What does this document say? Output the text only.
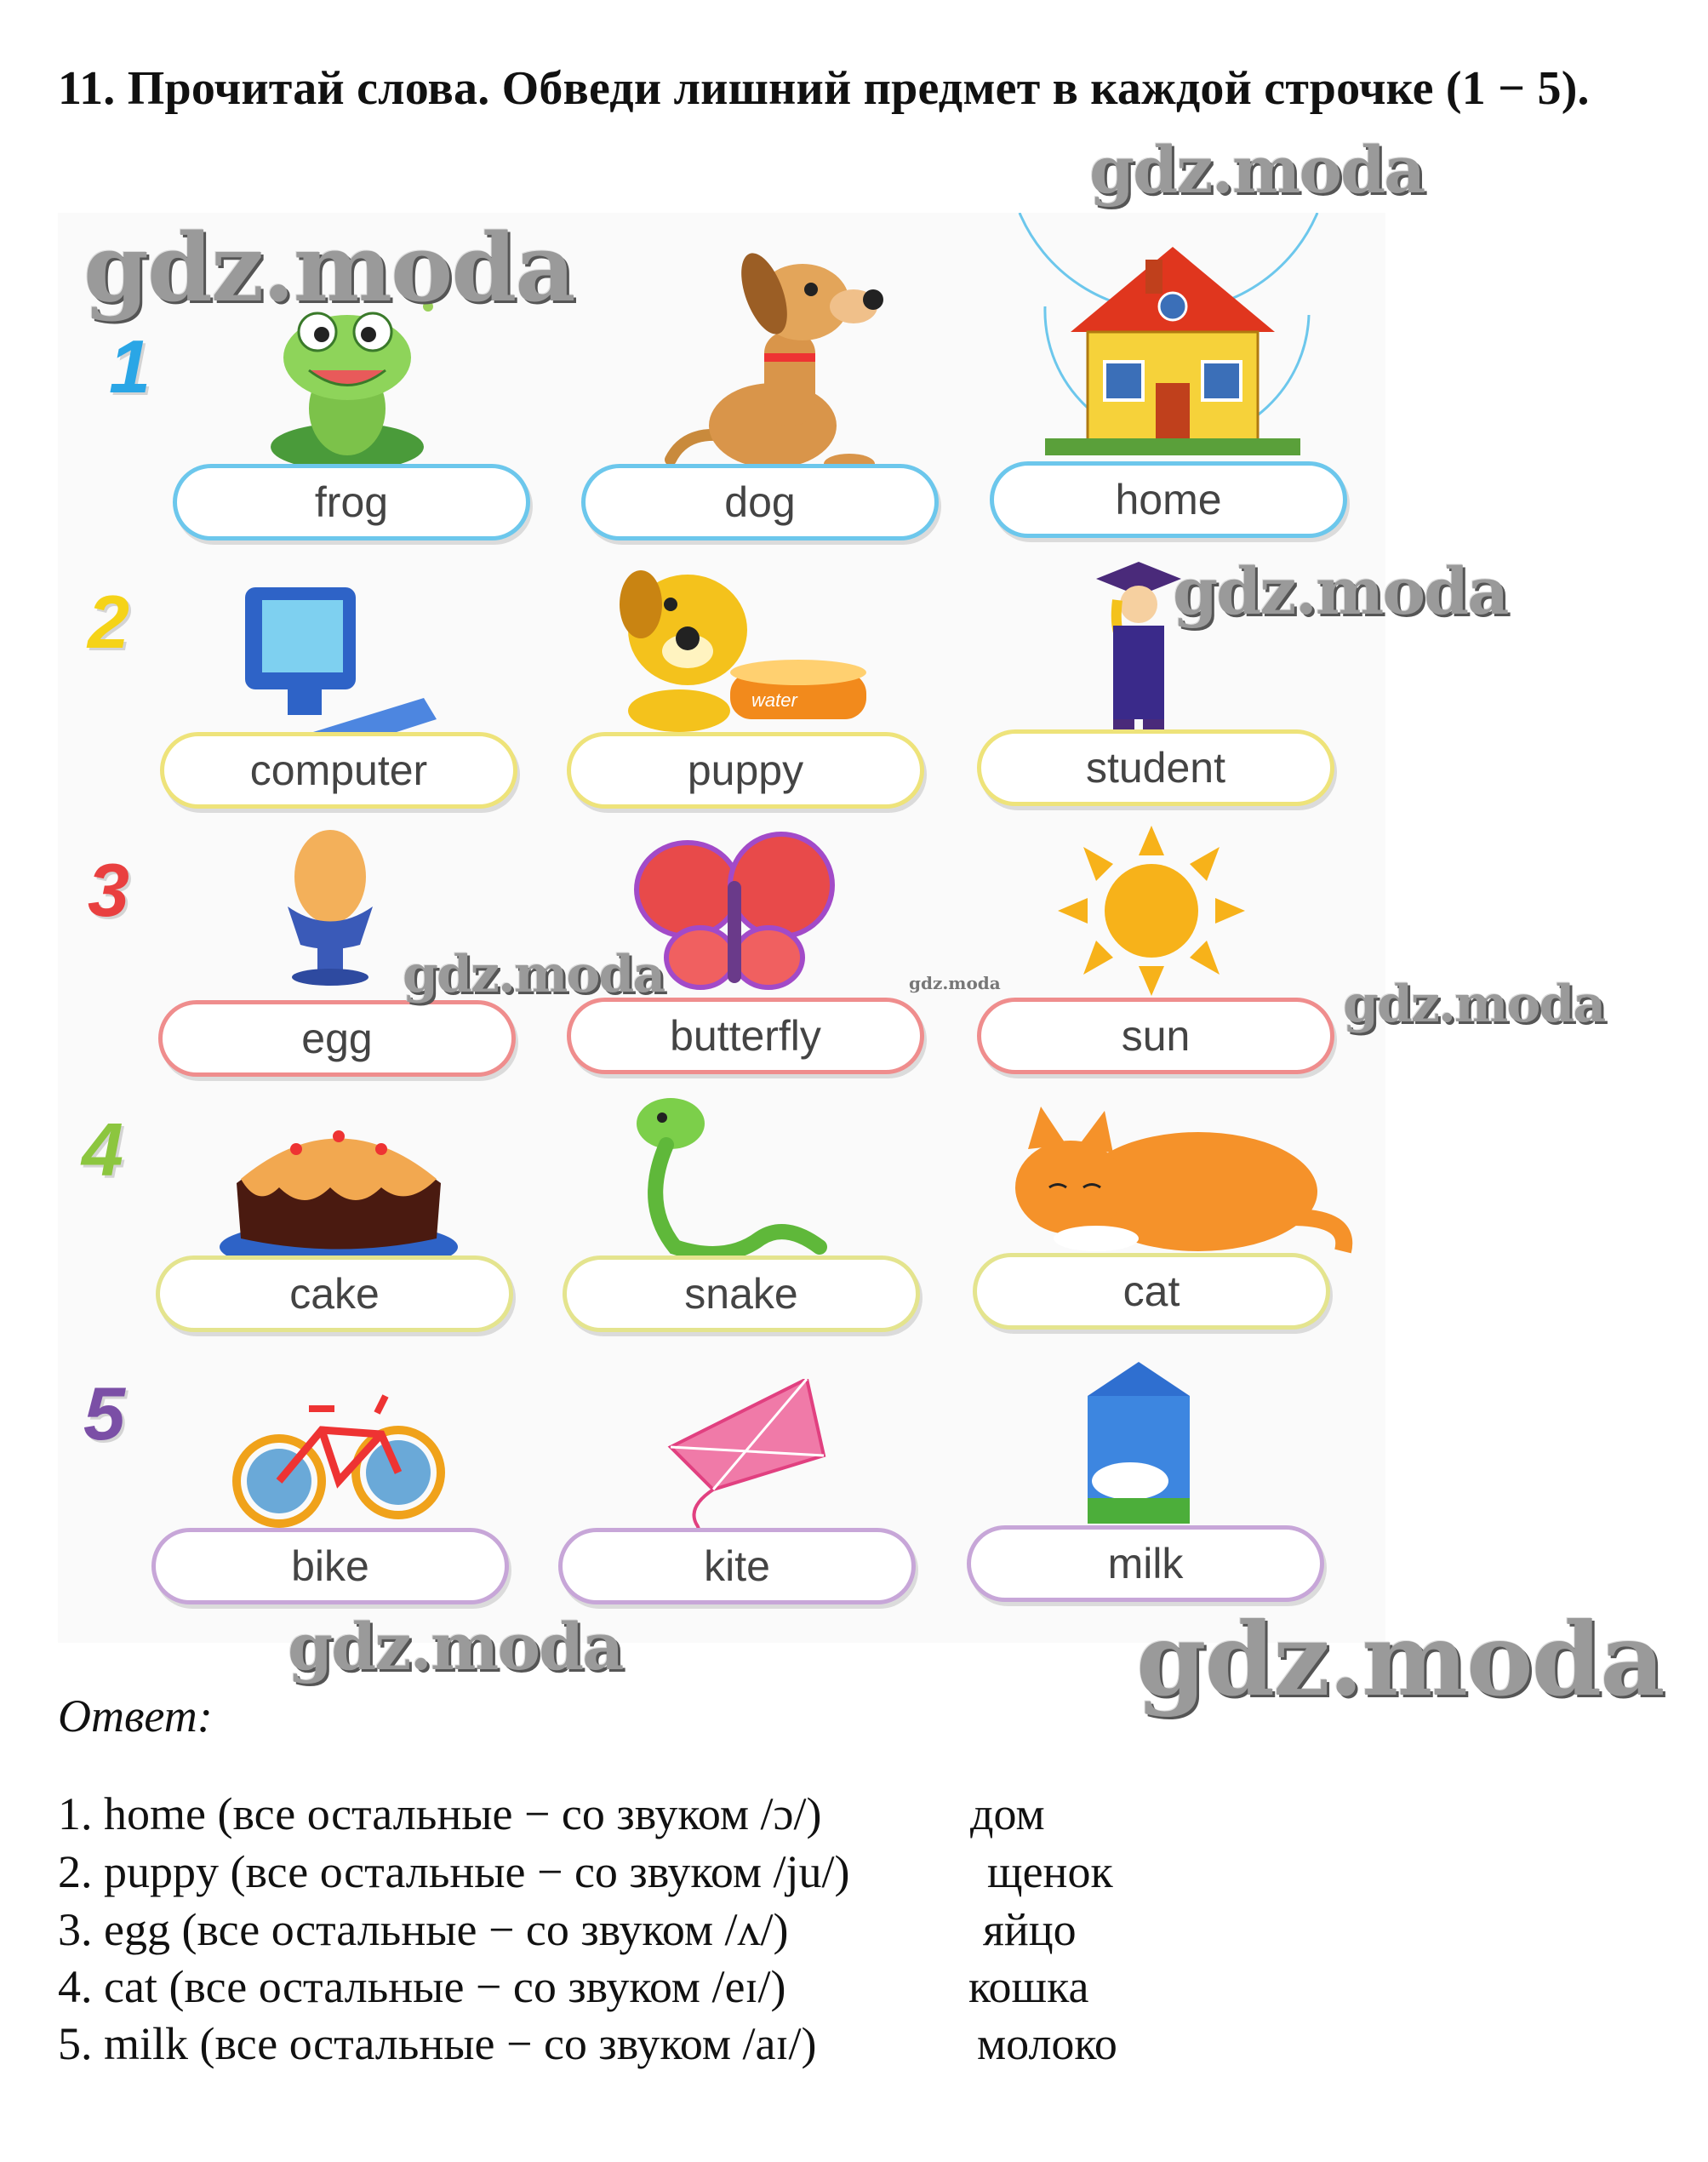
11. Прочитай слова. Обведи лишний предмет в каждой строчке (1 − 5).
gdz.moda
gdz.moda
1
frog	dog	home
2
water
computer	puppy	student
gdz.moda
3
egg	butterfly	sun
gdz.moda	gdz.moda	gdz.moda
4
cake	snake	cat
5
bike	kite	milk
gdz.moda	gdz.moda
Ответ:
1. home (все остальные − со звуком /ɔ/)	дом
2. puppy (все остальные − со звуком /ju/)	щенок
3. egg (все остальные − со звуком /ʌ/)	яйцо
4. cat (все остальные − со звуком /eɪ/)	кошка
5. milk (все остальные − со звуком /aɪ/)	молоко
